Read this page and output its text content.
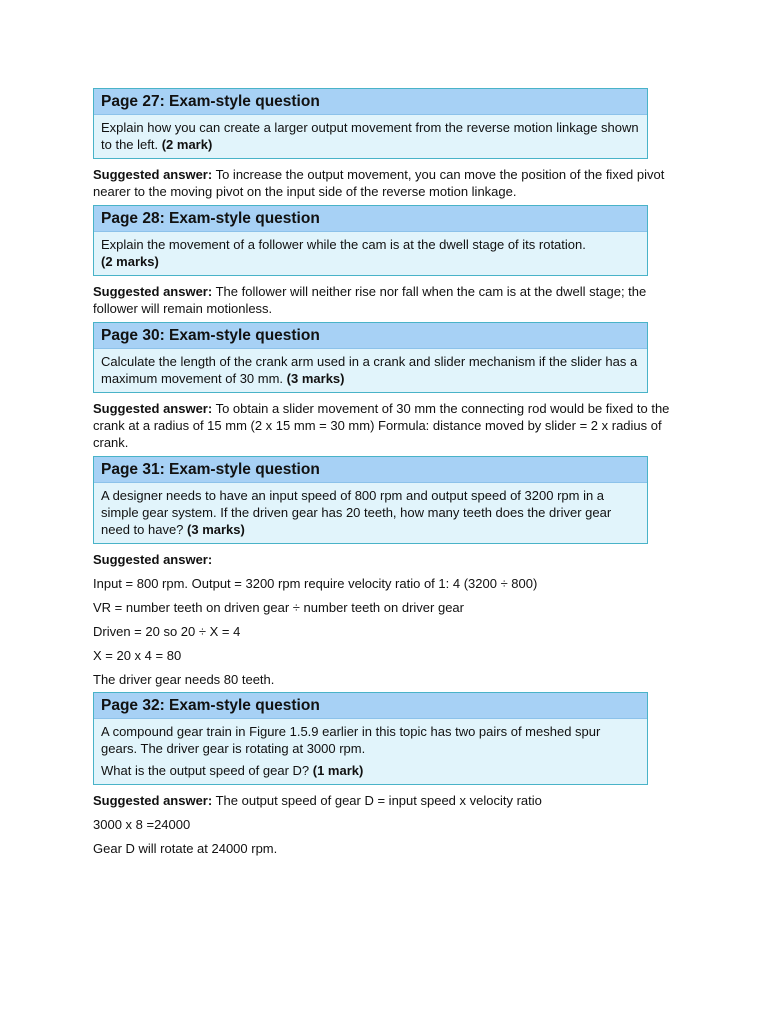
Page 27: Exam-style question

Explain how you can create a larger output movement from the reverse motion linkage shown to the left. (2 mark)

Suggested answer: To increase the output movement, you can move the position of the fixed pivot nearer to the moving pivot on the input side of the reverse motion linkage.
Page 28: Exam-style question

Explain the movement of a follower while the cam is at the dwell stage of its rotation.
(2 marks)

Suggested answer: The follower will neither rise nor fall when the cam is at the dwell stage; the follower will remain motionless.
Page 30: Exam-style question

Calculate the length of the crank arm used in a crank and slider mechanism if the slider has a maximum movement of 30 mm. (3 marks)

Suggested answer: To obtain a slider movement of 30 mm the connecting rod would be fixed to the crank at a radius of 15 mm (2 x 15 mm = 30 mm) Formula: distance moved by slider = 2 x radius of crank.
Page 31: Exam-style question

A designer needs to have an input speed of 800 rpm and output speed of 3200 rpm in a simple gear system. If the driven gear has 20 teeth, how many teeth does the driver gear need to have? (3 marks)

Suggested answer:
Input = 800 rpm. Output = 3200 rpm require velocity ratio of 1: 4 (3200 ÷ 800)
VR = number teeth on driven gear ÷ number teeth on driver gear
Driven = 20 so 20 ÷ X = 4
X = 20 x 4 = 80
The driver gear needs 80 teeth.
Page 32: Exam-style question

A compound gear train in Figure 1.5.9 earlier in this topic has two pairs of meshed spur gears. The driver gear is rotating at 3000 rpm.

What is the output speed of gear D? (1 mark)

Suggested answer: The output speed of gear D = input speed x velocity ratio
3000 x 8 =24000
Gear D will rotate at 24000 rpm.
